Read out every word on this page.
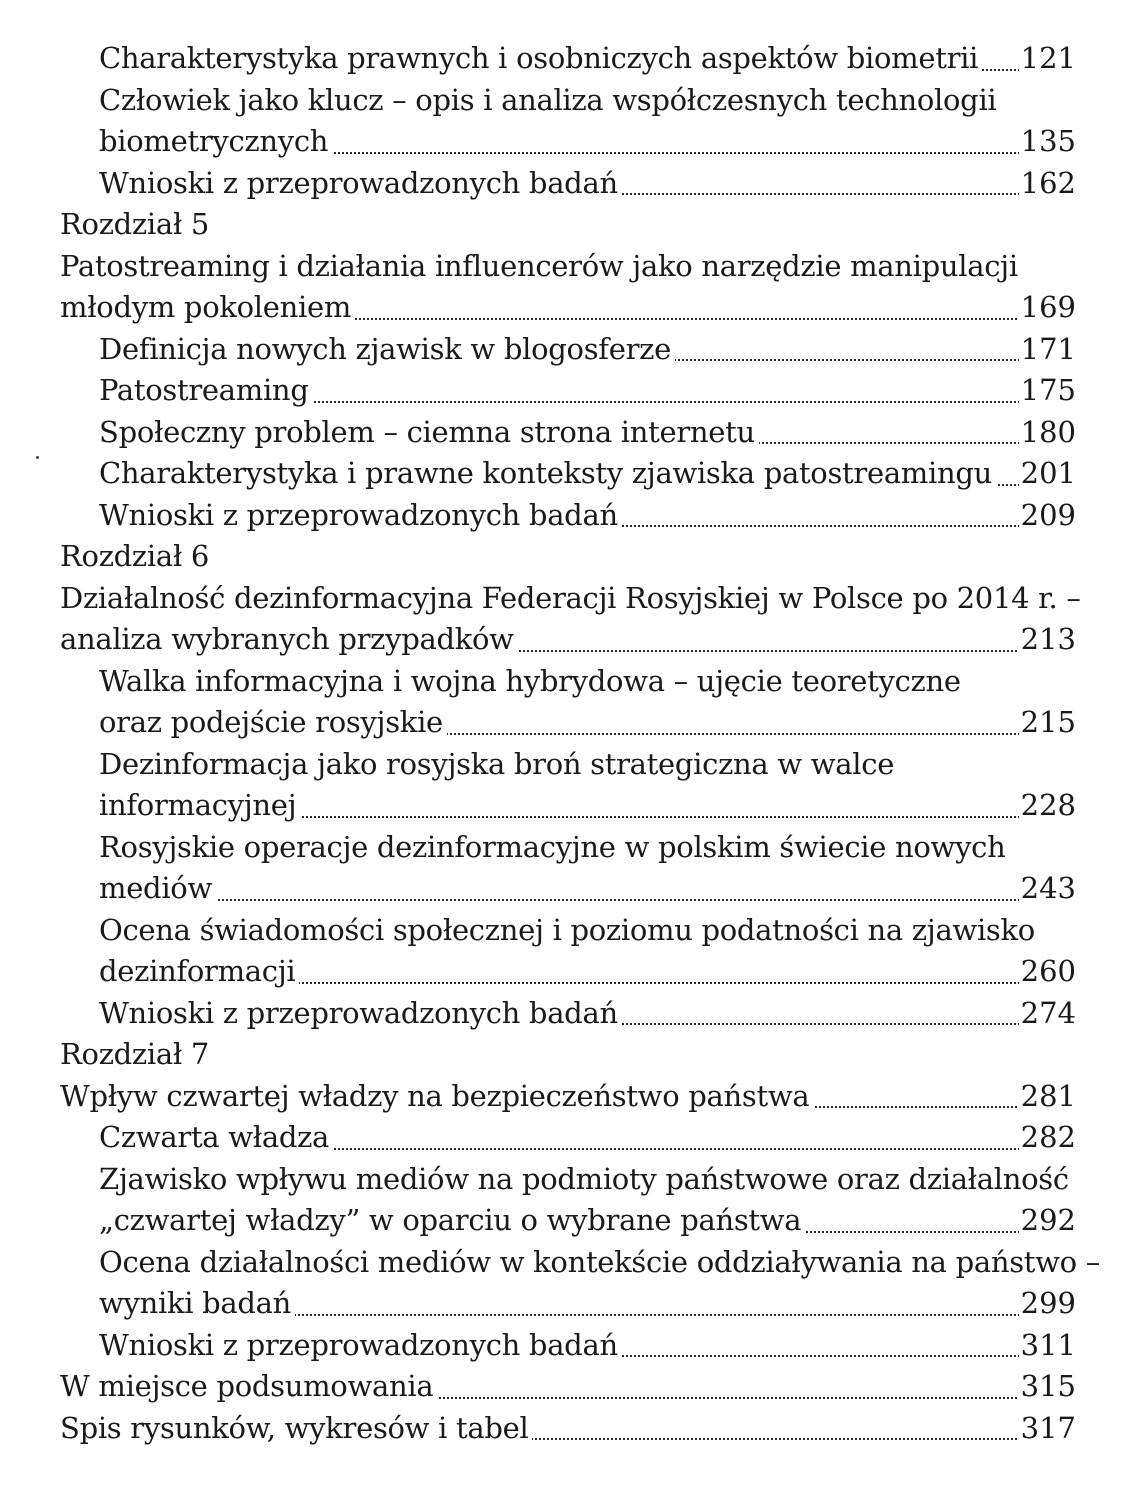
Charakterystyka prawnych i osobniczych aspektów biometrii 121
Człowiek jako klucz – opis i analiza współczesnych technologii
biometrycznych	135
Wnioski z przeprowadzonych badań	162
Rozdział 5
Patostreaming i działania influencerów jako narzędzie manipulacji
młodym pokoleniem	169
Definicja nowych zjawisk w blogosferze	171
Patostreaming	175
Społeczny problem – ciemna strona internetu	180
Charakterystyka i prawne konteksty zjawiska patostreamingu 201
Wnioski z przeprowadzonych badań	209
Rozdział 6
Działalność dezinformacyjna Federacji Rosyjskiej w Polsce po 2014 r. –
analiza wybranych przypadków	213
Walka informacyjna i wojna hybrydowa – ujęcie teoretyczne
oraz podejście rosyjskie	215
Dezinformacja jako rosyjska broń strategiczna w walce
informacyjnej	228
Rosyjskie operacje dezinformacyjne w polskim świecie nowych
mediów	243
Ocena świadomości społecznej i poziomu podatności na zjawisko
dezinformacji	260
Wnioski z przeprowadzonych badań	274
Rozdział 7
Wpływ czwartej władzy na bezpieczeństwo państwa	281
Czwarta władza	282
Zjawisko wpływu mediów na podmioty państwowe oraz działalność
„czwartej władzy” w oparciu o wybrane państwa	292
Ocena działalności mediów w kontekście oddziaływania na państwo –
wyniki badań	299
Wnioski z przeprowadzonych badań	311
W miejsce podsumowania	315
Spis rysunków, wykresów i tabel	317
